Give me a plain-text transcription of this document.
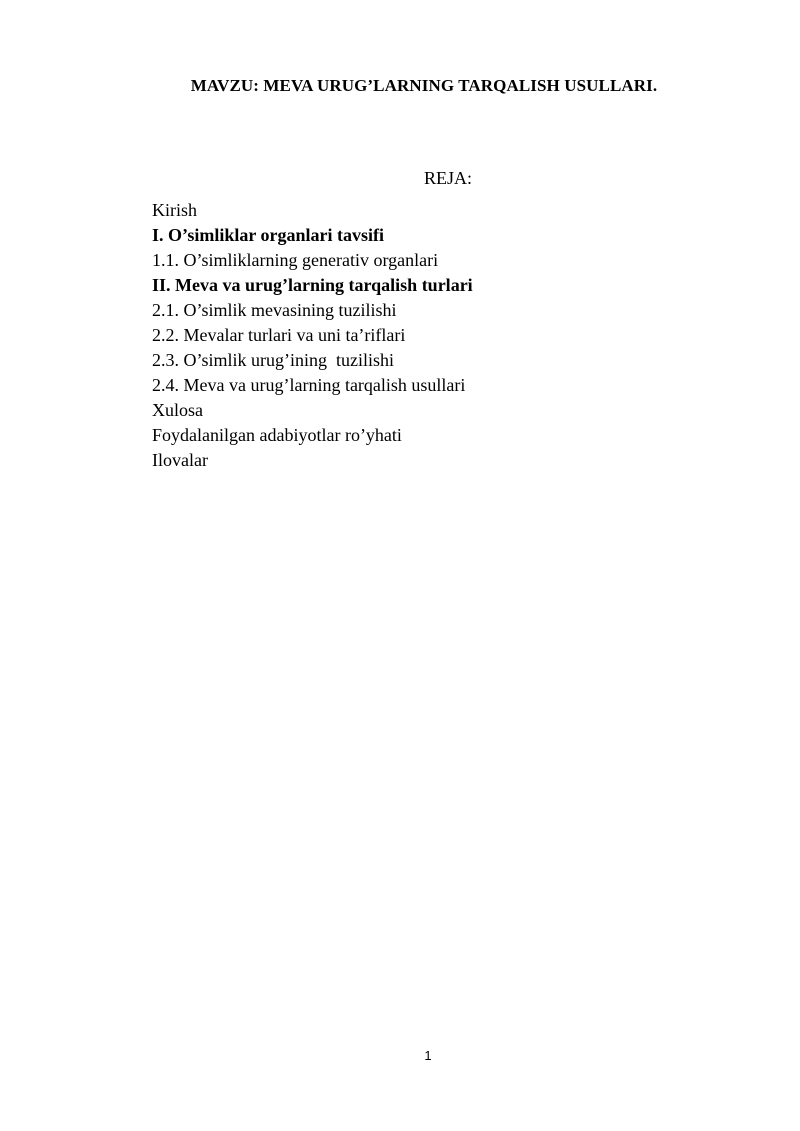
MAVZU: MEVA URUG’LARNING TARQALISH USULLARI.
REJA:
Kirish
I. O’simliklar organlari tavsifi
1.1. O’simliklarning generativ organlari
II. Meva va urug’larning tarqalish turlari
2.1. O’simlik mevasining tuzilishi
2.2. Mevalar turlari va uni ta’riflari
2.3. O’simlik urug’ining  tuzilishi
2.4. Meva va urug’larning tarqalish usullari
Xulosa
Foydalanilgan adabiyotlar ro’yhati
Ilovalar
1
